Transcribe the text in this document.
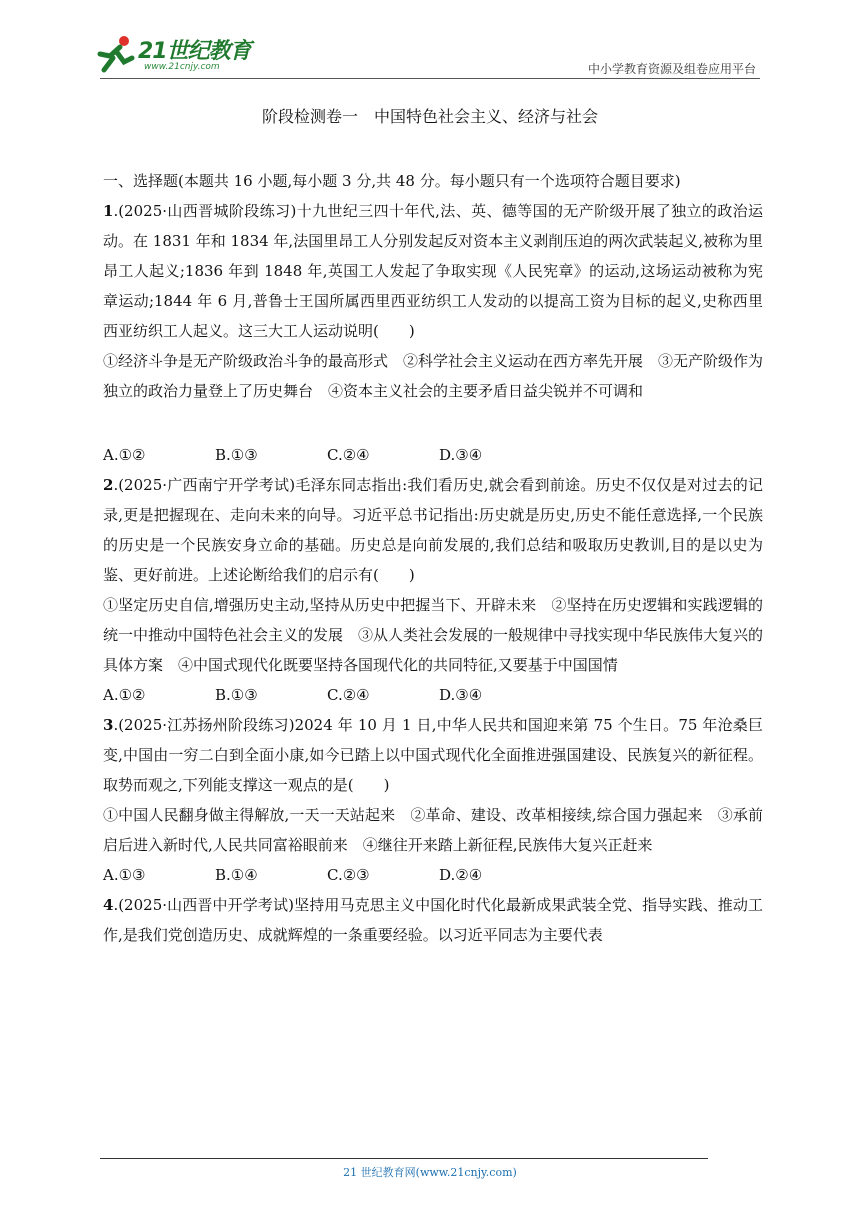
21世纪教育
www.21cnjy.com	中小学教育资源及组卷应用平台
阶段检测卷一　中国特色社会主义、经济与社会

一、选择题(本题共 16 小题,每小题 3 分,共 48 分。每小题只有一个选项符合题目要求)

1.(2025·山西晋城阶段练习)十九世纪三四十年代,法、英、德等国的无产阶级开展了独立的政治运动。在 1831 年和 1834 年,法国里昂工人分别发起反对资本主义剥削压迫的两次武装起义,被称为里昂工人起义;1836 年到 1848 年,英国工人发起了争取实现《人民宪章》的运动,这场运动被称为宪章运动;1844 年 6 月,普鲁士王国所属西里西亚纺织工人发动的以提高工资为目标的起义,史称西里西亚纺织工人起义。这三大工人运动说明(　　)

①经济斗争是无产阶级政治斗争的最高形式　②科学社会主义运动在西方率先开展　③无产阶级作为独立的政治力量登上了历史舞台　④资本主义社会的主要矛盾日益尖锐并不可调和

A.①②	B.①③	C.②④	D.③④

2.(2025·广西南宁开学考试)毛泽东同志指出:我们看历史,就会看到前途。历史不仅仅是对过去的记录,更是把握现在、走向未来的向导。习近平总书记指出:历史就是历史,历史不能任意选择,一个民族的历史是一个民族安身立命的基础。历史总是向前发展的,我们总结和吸取历史教训,目的是以史为鉴、更好前进。上述论断给我们的启示有(　　)

①坚定历史自信,增强历史主动,坚持从历史中把握当下、开辟未来　②坚持在历史逻辑和实践逻辑的统一中推动中国特色社会主义的发展　③从人类社会发展的一般规律中寻找实现中华民族伟大复兴的具体方案　④中国式现代化既要坚持各国现代化的共同特征,又要基于中国国情

A.①②	B.①③	C.②④	D.③④

3.(2025·江苏扬州阶段练习)2024 年 10 月 1 日,中华人民共和国迎来第 75 个生日。75 年沧桑巨变,中国由一穷二白到全面小康,如今已踏上以中国式现代化全面推进强国建设、民族复兴的新征程。取势而观之,下列能支撑这一观点的是(　　)

①中国人民翻身做主得解放,一天一天站起来　②革命、建设、改革相接续,综合国力强起来　③承前启后进入新时代,人民共同富裕眼前来　④继往开来踏上新征程,民族伟大复兴正赶来

A.①③	B.①④	C.②③	D.②④

4.(2025·山西晋中开学考试)坚持用马克思主义中国化时代化最新成果武装全党、指导实践、推动工作,是我们党创造历史、成就辉煌的一条重要经验。以习近平同志为主要代表

21 世纪教育网(www.21cnjy.com)
